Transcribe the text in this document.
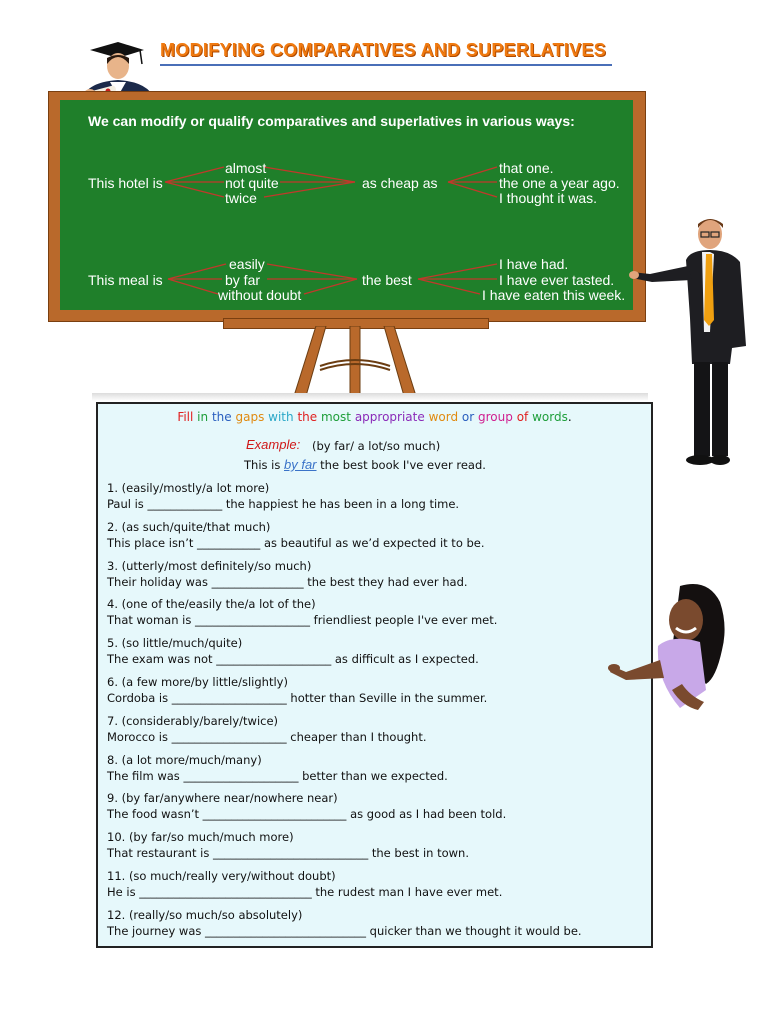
MODIFYING COMPARATIVES AND SUPERLATIVES
We can modify or qualify comparatives and superlatives in various ways:
This hotel is
almost
not quite
twice
as cheap as
that one.
the one a year ago.
I thought it was.
This meal is
easily
by far
without doubt
the best
I have had.
I have ever tasted.
I have eaten this week.
Fill in the gaps with the most appropriate word or group of words.
Example: (by far/ a lot/so much)
This is by far the best book I've ever read.
1. (easily/mostly/a lot more)
Paul is _____________ the happiest he has been in a long time.
2. (as such/quite/that much)
This place isn’t ___________ as beautiful as we’d expected it to be.
3. (utterly/most definitely/so much)
Their holiday was ________________ the best they had ever had.
4. (one of the/easily the/a lot of the)
That woman is ____________________ friendliest people I've ever met.
5. (so little/much/quite)
The exam was not ____________________ as difficult as I expected.
6. (a few more/by little/slightly)
Cordoba is ____________________ hotter than Seville in the summer.
7. (considerably/barely/twice)
Morocco is ____________________ cheaper than I thought.
8. (a lot more/much/many)
The film was ____________________ better than we expected.
9. (by far/anywhere near/nowhere near)
The food wasn’t _________________________ as good as I had been told.
10. (by far/so much/much more)
That restaurant is ___________________________ the best in town.
11. (so much/really very/without doubt)
He is ______________________________ the rudest man I have ever met.
12. (really/so much/so absolutely)
The journey was ____________________________ quicker than we thought it would be.
